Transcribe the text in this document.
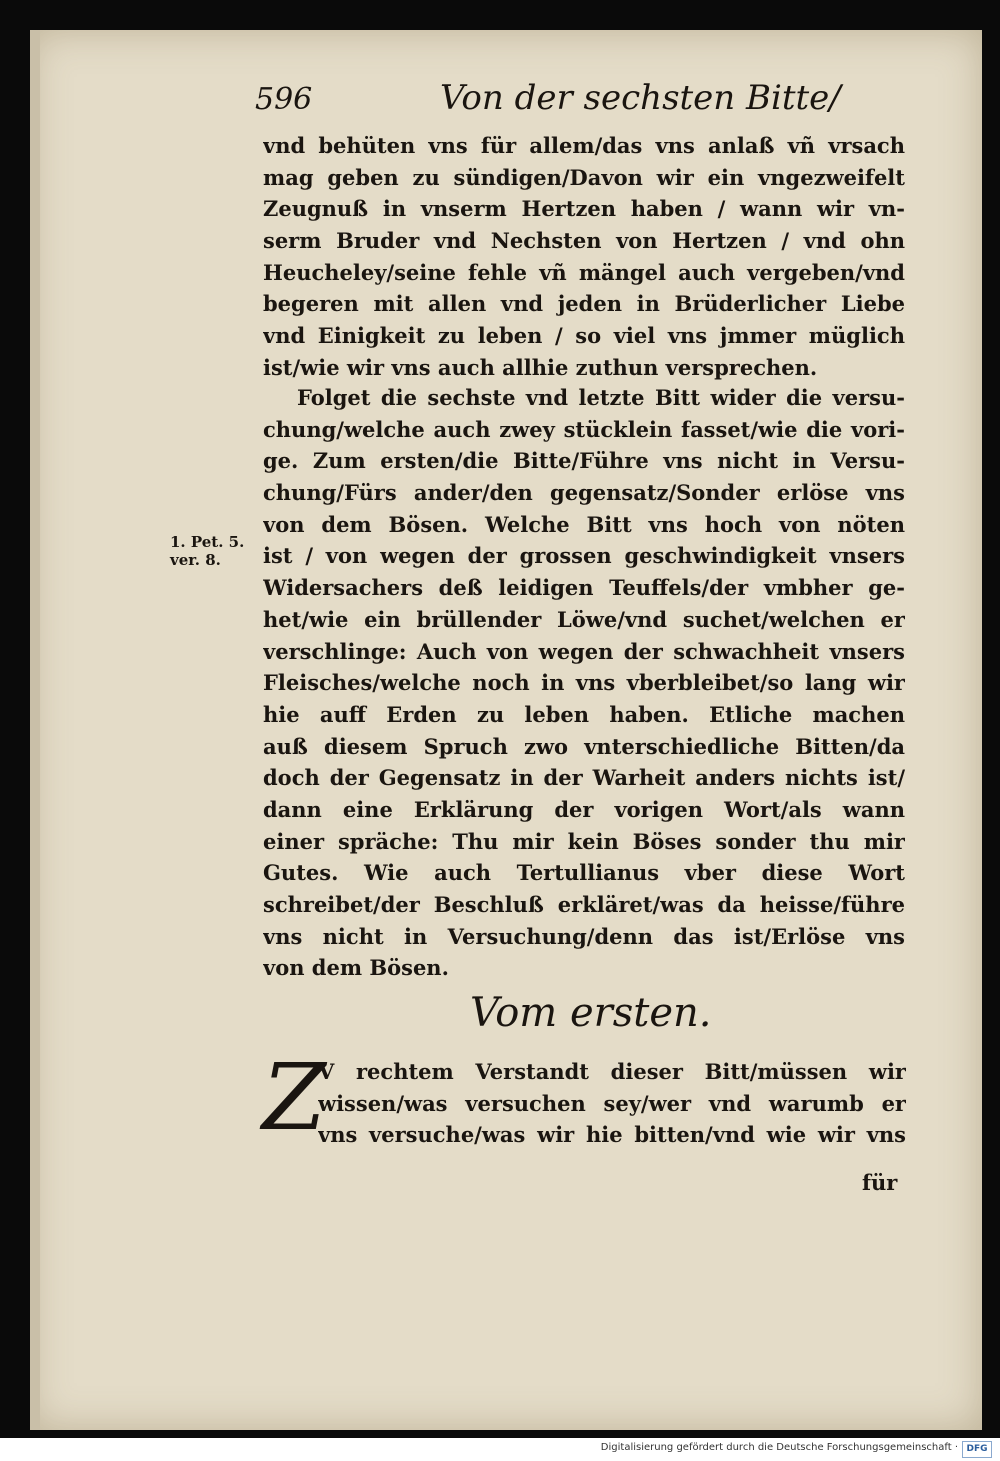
596	Von der sechsten Bitte/
vnd behüten vns für allem/das vns anlaß vñ vrsach
mag geben zu sündigen/Davon wir ein vngezweifelt
Zeugnuß in vnserm Hertzen haben / wann wir vn-
serm Bruder vnd Nechsten von Hertzen / vnd ohn
Heucheley/seine fehle vñ mängel auch vergeben/vnd
begeren mit allen vnd jeden in Brüderlicher Liebe
vnd Einigkeit zu leben / so viel vns jmmer müglich
ist/wie wir vns auch allhie zuthun versprechen.
Folget die sechste vnd letzte Bitt wider die versu-
chung/welche auch zwey stücklein fasset/wie die vori-
ge. Zum ersten/die Bitte/Führe vns nicht in Versu-
chung/Fürs ander/den gegensatz/Sonder erlöse vns
von dem Bösen. Welche Bitt vns hoch von nöten
ist / von wegen der grossen geschwindigkeit vnsers
Widersachers deß leidigen Teuffels/der vmbher ge-
het/wie ein brüllender Löwe/vnd suchet/welchen er
verschlinge: Auch von wegen der schwachheit vnsers
Fleisches/welche noch in vns vberbleibet/so lang wir
hie auff Erden zu leben haben. Etliche machen
auß diesem Spruch zwo vnterschiedliche Bitten/da
doch der Gegensatz in der Warheit anders nichts ist/
dann eine Erklärung der vorigen Wort/als wann
einer spräche: Thu mir kein Böses sonder thu mir
Gutes. Wie auch Tertullianus vber diese Wort
schreibet/der Beschluß erkläret/was da heisse/führe
vns nicht in Versuchung/denn das ist/Erlöse vns
von dem Bösen.
1. Pet. 5.
ver. 8.
Vom ersten.
Z
V rechtem Verstandt dieser Bitt/müssen wir
wissen/was versuchen sey/wer vnd warumb er
vns versuche/was wir hie bitten/vnd wie wir vns
für
Digitalisierung gefördert durch die Deutsche Forschungsgemeinschaft · DFG
